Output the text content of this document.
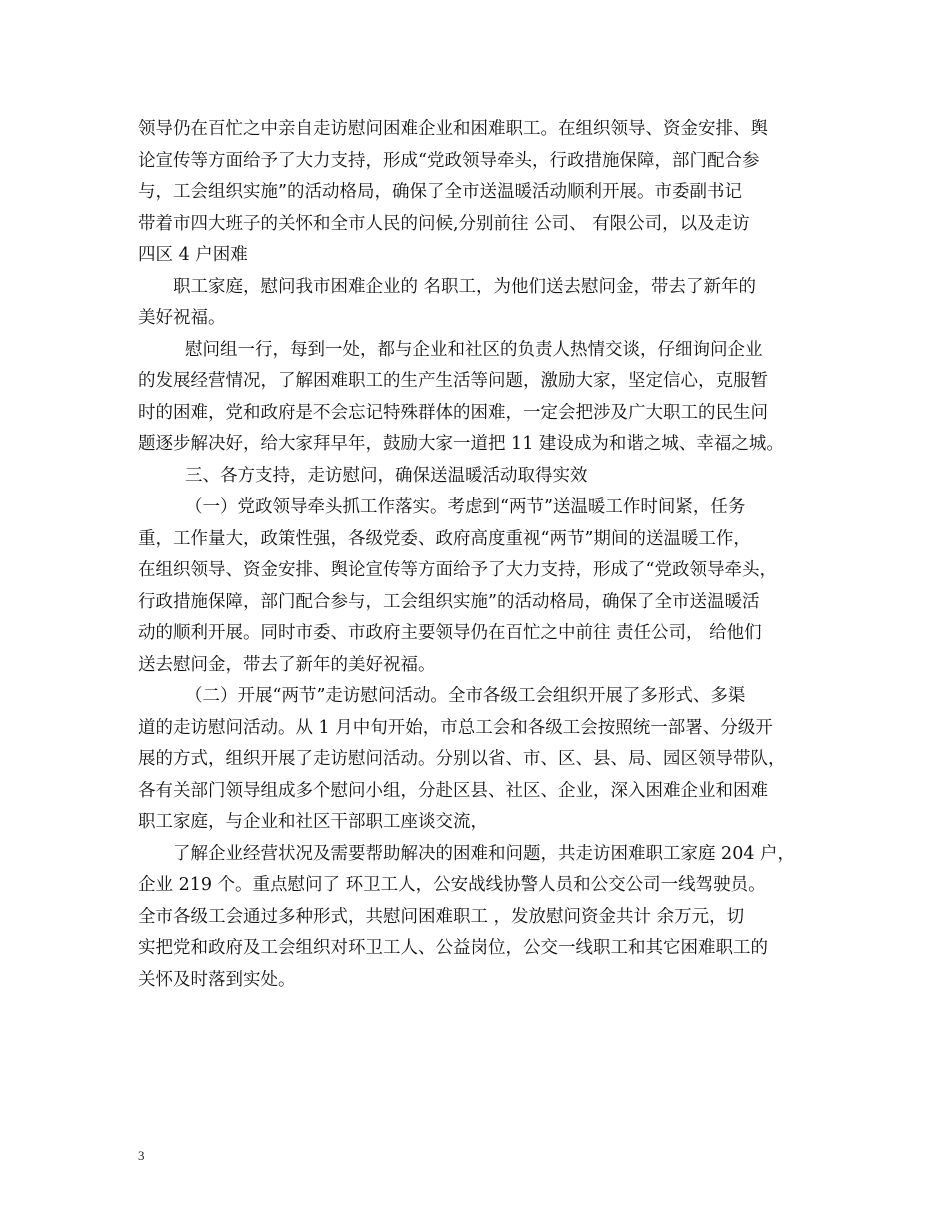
领导仍在百忙之中亲自走访慰问困难企业和困难职工。在组织领导、资金安排、舆
论宣传等方面给予了大力支持，形成“党政领导牵头，行政措施保障，部门配合参
与，工会组织实施”的活动格局，确保了全市送温暖活动顺利开展。市委副书记
带着市四大班子的关怀和全市人民的问候,分别前往 公司、 有限公司，以及走访
四区 4 户困难
职工家庭，慰问我市困难企业的 名职工，为他们送去慰问金，带去了新年的
美好祝福。
慰问组一行，每到一处，都与企业和社区的负责人热情交谈，仔细询问企业
的发展经营情况，了解困难职工的生产生活等问题，激励大家，坚定信心，克服暂
时的困难，党和政府是不会忘记特殊群体的困难，一定会把涉及广大职工的民生问
题逐步解决好，给大家拜早年，鼓励大家一道把 11 建设成为和谐之城、幸福之城。
三、各方支持，走访慰问，确保送温暖活动取得实效
（一）党政领导牵头抓工作落实。考虑到“两节”送温暖工作时间紧，任务
重，工作量大，政策性强，各级党委、政府高度重视“两节”期间的送温暖工作，
在组织领导、资金安排、舆论宣传等方面给予了大力支持，形成了“党政领导牵头，
行政措施保障，部门配合参与，工会组织实施”的活动格局，确保了全市送温暖活
动的顺利开展。同时市委、市政府主要领导仍在百忙之中前往 责任公司， 给他们
送去慰问金，带去了新年的美好祝福。
（二）开展“两节”走访慰问活动。全市各级工会组织开展了多形式、多渠
道的走访慰问活动。从 1 月中旬开始，市总工会和各级工会按照统一部署、分级开
展的方式，组织开展了走访慰问活动。分别以省、市、区、县、局、园区领导带队，
各有关部门领导组成多个慰问小组，分赴区县、社区、企业，深入困难企业和困难
职工家庭，与企业和社区干部职工座谈交流，
了解企业经营状况及需要帮助解决的困难和问题，共走访困难职工家庭 204 户，
企业 219 个。重点慰问了 环卫工人，公安战线协警人员和公交公司一线驾驶员。
全市各级工会通过多种形式，共慰问困难职工 ，发放慰问资金共计 余万元，切
实把党和政府及工会组织对环卫工人、公益岗位，公交一线职工和其它困难职工的
关怀及时落到实处。
3
